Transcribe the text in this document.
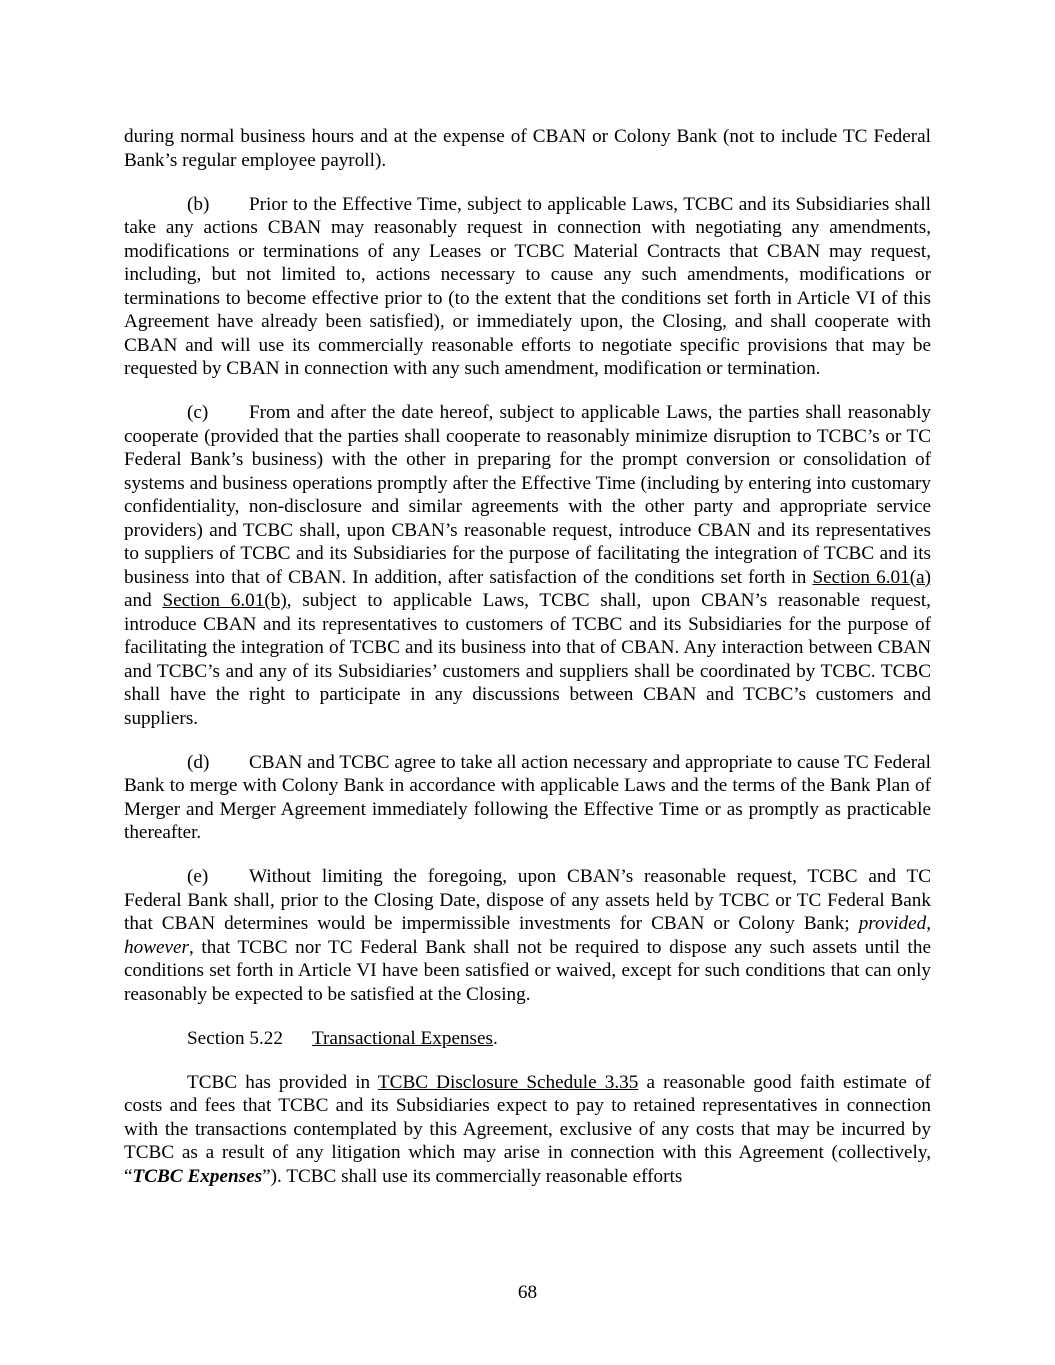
during normal business hours and at the expense of CBAN or Colony Bank (not to include TC Federal Bank’s regular employee payroll).

(b) Prior to the Effective Time, subject to applicable Laws, TCBC and its Subsidiaries shall take any actions CBAN may reasonably request in connection with negotiating any amendments, modifications or terminations of any Leases or TCBC Material Contracts that CBAN may request, including, but not limited to, actions necessary to cause any such amendments, modifications or terminations to become effective prior to (to the extent that the conditions set forth in Article VI of this Agreement have already been satisfied), or immediately upon, the Closing, and shall cooperate with CBAN and will use its commercially reasonable efforts to negotiate specific provisions that may be requested by CBAN in connection with any such amendment, modification or termination.

(c) From and after the date hereof, subject to applicable Laws, the parties shall reasonably cooperate (provided that the parties shall cooperate to reasonably minimize disruption to TCBC’s or TC Federal Bank’s business) with the other in preparing for the prompt conversion or consolidation of systems and business operations promptly after the Effective Time (including by entering into customary confidentiality, non-disclosure and similar agreements with the other party and appropriate service providers) and TCBC shall, upon CBAN’s reasonable request, introduce CBAN and its representatives to suppliers of TCBC and its Subsidiaries for the purpose of facilitating the integration of TCBC and its business into that of CBAN. In addition, after satisfaction of the conditions set forth in Section 6.01(a) and Section 6.01(b), subject to applicable Laws, TCBC shall, upon CBAN’s reasonable request, introduce CBAN and its representatives to customers of TCBC and its Subsidiaries for the purpose of facilitating the integration of TCBC and its business into that of CBAN. Any interaction between CBAN and TCBC’s and any of its Subsidiaries’ customers and suppliers shall be coordinated by TCBC. TCBC shall have the right to participate in any discussions between CBAN and TCBC’s customers and suppliers.

(d) CBAN and TCBC agree to take all action necessary and appropriate to cause TC Federal Bank to merge with Colony Bank in accordance with applicable Laws and the terms of the Bank Plan of Merger and Merger Agreement immediately following the Effective Time or as promptly as practicable thereafter.

(e) Without limiting the foregoing, upon CBAN’s reasonable request, TCBC and TC Federal Bank shall, prior to the Closing Date, dispose of any assets held by TCBC or TC Federal Bank that CBAN determines would be impermissible investments for CBAN or Colony Bank; provided, however, that TCBC nor TC Federal Bank shall not be required to dispose any such assets until the conditions set forth in Article VI have been satisfied or waived, except for such conditions that can only reasonably be expected to be satisfied at the Closing.

Section 5.22 Transactional Expenses.

TCBC has provided in TCBC Disclosure Schedule 3.35 a reasonable good faith estimate of costs and fees that TCBC and its Subsidiaries expect to pay to retained representatives in connection with the transactions contemplated by this Agreement, exclusive of any costs that may be incurred by TCBC as a result of any litigation which may arise in connection with this Agreement (collectively, “TCBC Expenses”). TCBC shall use its commercially reasonable efforts

68
